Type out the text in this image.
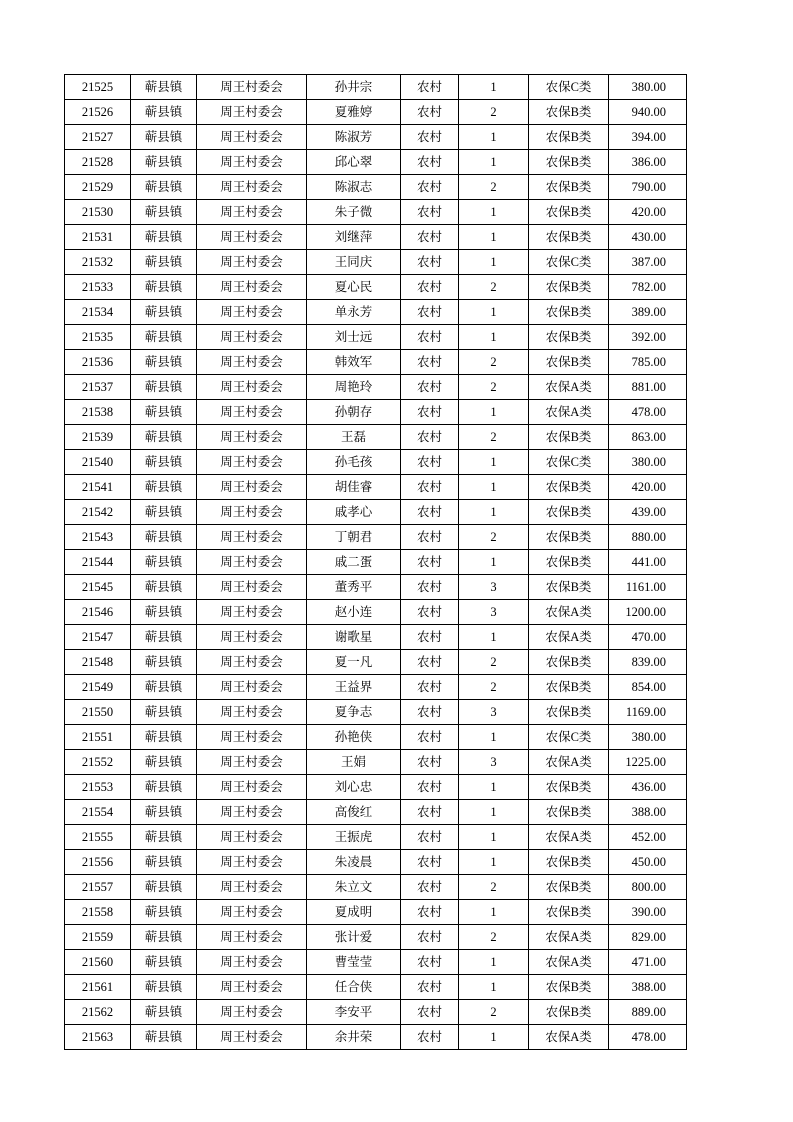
21525	蕲县镇	周王村委会	孙井宗	农村	1	农保C类	380.00
21526	蕲县镇	周王村委会	夏雅婷	农村	2	农保B类	940.00
21527	蕲县镇	周王村委会	陈淑芳	农村	1	农保B类	394.00
21528	蕲县镇	周王村委会	邱心翠	农村	1	农保B类	386.00
21529	蕲县镇	周王村委会	陈淑志	农村	2	农保B类	790.00
21530	蕲县镇	周王村委会	朱子微	农村	1	农保B类	420.00
21531	蕲县镇	周王村委会	刘继萍	农村	1	农保B类	430.00
21532	蕲县镇	周王村委会	王同庆	农村	1	农保C类	387.00
21533	蕲县镇	周王村委会	夏心民	农村	2	农保B类	782.00
21534	蕲县镇	周王村委会	单永芳	农村	1	农保B类	389.00
21535	蕲县镇	周王村委会	刘士远	农村	1	农保B类	392.00
21536	蕲县镇	周王村委会	韩效军	农村	2	农保B类	785.00
21537	蕲县镇	周王村委会	周艳玲	农村	2	农保A类	881.00
21538	蕲县镇	周王村委会	孙朝存	农村	1	农保A类	478.00
21539	蕲县镇	周王村委会	王磊	农村	2	农保B类	863.00
21540	蕲县镇	周王村委会	孙毛孩	农村	1	农保C类	380.00
21541	蕲县镇	周王村委会	胡佳睿	农村	1	农保B类	420.00
21542	蕲县镇	周王村委会	戚孝心	农村	1	农保B类	439.00
21543	蕲县镇	周王村委会	丁朝君	农村	2	农保B类	880.00
21544	蕲县镇	周王村委会	戚二蛋	农村	1	农保B类	441.00
21545	蕲县镇	周王村委会	董秀平	农村	3	农保B类	1161.00
21546	蕲县镇	周王村委会	赵小连	农村	3	农保A类	1200.00
21547	蕲县镇	周王村委会	谢歌星	农村	1	农保A类	470.00
21548	蕲县镇	周王村委会	夏一凡	农村	2	农保B类	839.00
21549	蕲县镇	周王村委会	王益界	农村	2	农保B类	854.00
21550	蕲县镇	周王村委会	夏争志	农村	3	农保B类	1169.00
21551	蕲县镇	周王村委会	孙艳侠	农村	1	农保C类	380.00
21552	蕲县镇	周王村委会	王娟	农村	3	农保A类	1225.00
21553	蕲县镇	周王村委会	刘心忠	农村	1	农保B类	436.00
21554	蕲县镇	周王村委会	高俊红	农村	1	农保B类	388.00
21555	蕲县镇	周王村委会	王振虎	农村	1	农保A类	452.00
21556	蕲县镇	周王村委会	朱凌晨	农村	1	农保B类	450.00
21557	蕲县镇	周王村委会	朱立文	农村	2	农保B类	800.00
21558	蕲县镇	周王村委会	夏成明	农村	1	农保B类	390.00
21559	蕲县镇	周王村委会	张计爱	农村	2	农保A类	829.00
21560	蕲县镇	周王村委会	曹莹莹	农村	1	农保A类	471.00
21561	蕲县镇	周王村委会	任合侠	农村	1	农保B类	388.00
21562	蕲县镇	周王村委会	李安平	农村	2	农保B类	889.00
21563	蕲县镇	周王村委会	余井荣	农村	1	农保A类	478.00
